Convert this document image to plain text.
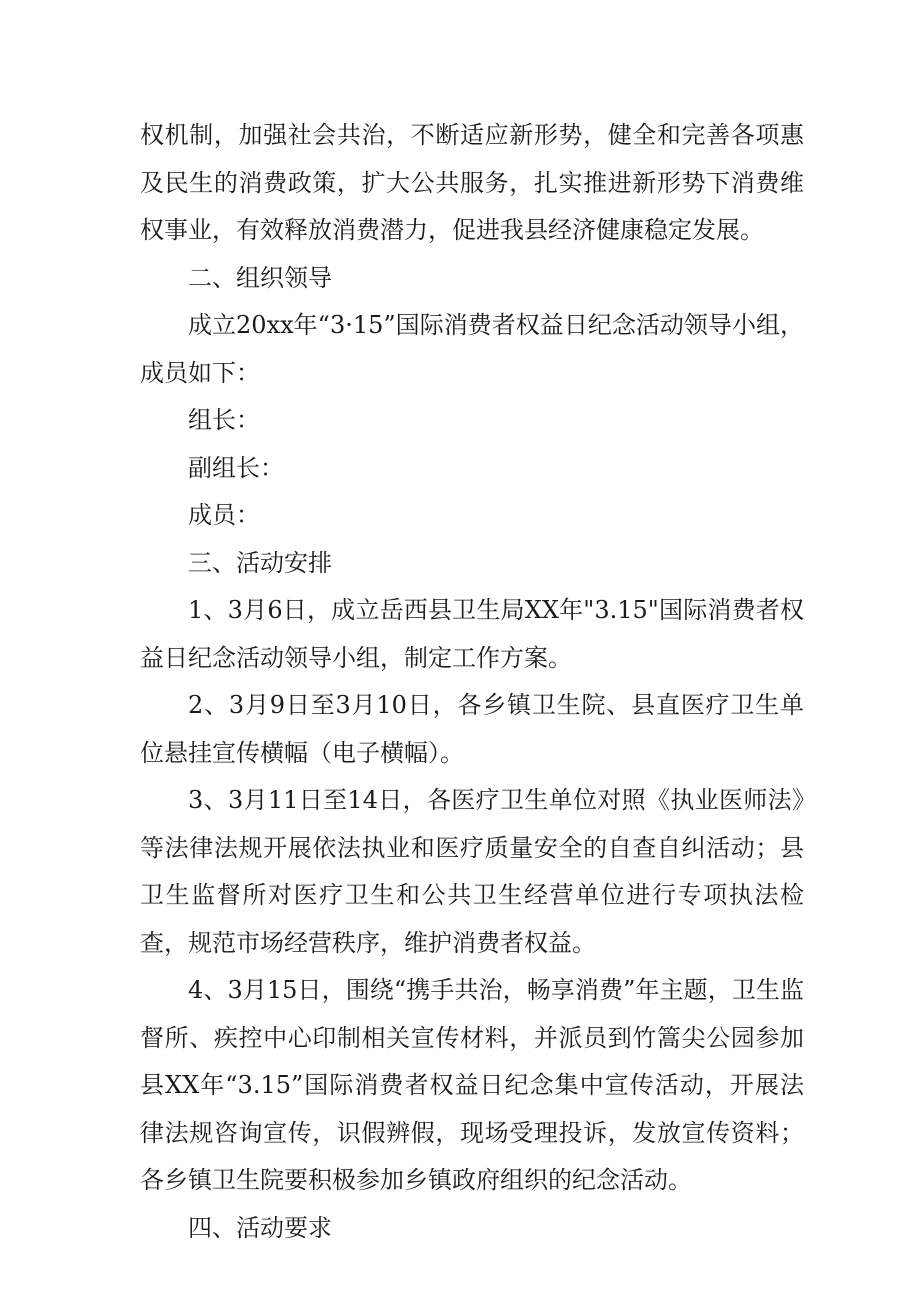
权机制，加强社会共治，不断适应新形势，健全和完善各项惠及民生的消费政策，扩大公共服务，扎实推进新形势下消费维权事业，有效释放消费潜力，促进我县经济健康稳定发展。

二、组织领导

成立20xx年“3·15”国际消费者权益日纪念活动领导小组，成员如下：

组长：

副组长：

成员：

三、活动安排

1、3月6日，成立岳西县卫生局XX年"3.15"国际消费者权益日纪念活动领导小组，制定工作方案。

2、3月9日至3月10日，各乡镇卫生院、县直医疗卫生单位悬挂宣传横幅（电子横幅）。

3、3月11日至14日，各医疗卫生单位对照《执业医师法》等法律法规开展依法执业和医疗质量安全的自查自纠活动；县卫生监督所对医疗卫生和公共卫生经营单位进行专项执法检查，规范市场经营秩序，维护消费者权益。

4、3月15日，围绕“携手共治，畅享消费”年主题，卫生监督所、疾控中心印制相关宣传材料，并派员到竹篙尖公园参加县XX年“3.15”国际消费者权益日纪念集中宣传活动，开展法律法规咨询宣传，识假辨假，现场受理投诉，发放宣传资料；各乡镇卫生院要积极参加乡镇政府组织的纪念活动。

四、活动要求
